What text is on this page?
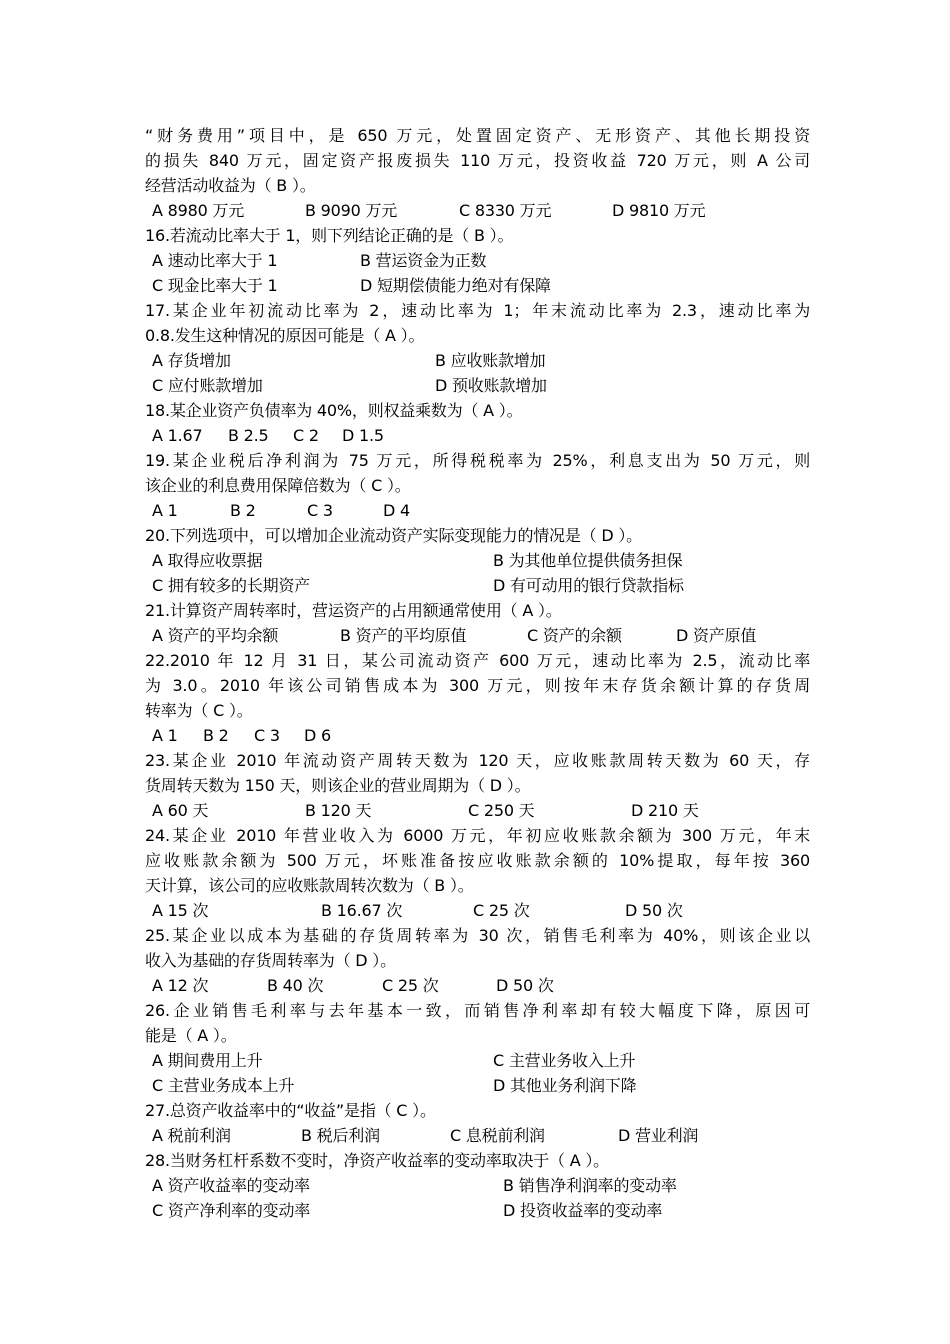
“财务费用”项目中，是 650 万元，处置固定资产、无形资产、其他长期投资
的损失 840 万元，固定资产报废损失 110 万元，投资收益 720 万元，则 A 公司
经营活动收益为（ B ）。
A 8980 万元	B 9090 万元	C 8330 万元	D 9810 万元
16.若流动比率大于 1，则下列结论正确的是（ B ）。
A 速动比率大于 1	B 营运资金为正数
C 现金比率大于 1	D 短期偿债能力绝对有保障
17.某企业年初流动比率为 2，速动比率为 1；年末流动比率为 2.3，速动比率为
0.8.发生这种情况的原因可能是（ A ）。
A 存货增加	B 应收账款增加
C 应付账款增加	D 预收账款增加
18.某企业资产负债率为 40%，则权益乘数为（ A ）。
A 1.67 B 2.5 C 2 D 1.5
19.某企业税后净利润为 75 万元，所得税税率为 25%，利息支出为 50 万元，则
该企业的利息费用保障倍数为（ C ）。
A 1	B 2	C 3	D 4
20.下列选项中，可以增加企业流动资产实际变现能力的情况是（ D ）。
A 取得应收票据	B 为其他单位提供债务担保
C 拥有较多的长期资产	D 有可动用的银行贷款指标
21.计算资产周转率时，营运资产的占用额通常使用（ A ）。
A 资产的平均余额	B 资产的平均原值	C 资产的余额	D 资产原值
22.2010 年 12 月 31 日，某公司流动资产 600 万元，速动比率为 2.5，流动比率
为 3.0。2010 年该公司销售成本为 300 万元，则按年末存货余额计算的存货周
转率为（ C ）。
A 1 B 2 C 3 D 6
23.某企业 2010 年流动资产周转天数为 120 天，应收账款周转天数为 60 天，存
货周转天数为 150 天，则该企业的营业周期为（ D ）。
A 60 天	B 120 天	C 250 天	D 210 天
24.某企业 2010 年营业收入为 6000 万元，年初应收账款余额为 300 万元，年末
应收账款余额为 500 万元，坏账准备按应收账款余额的 10%提取，每年按 360
天计算，该公司的应收账款周转次数为（ B ）。
A 15 次	B 16.67 次	C 25 次	D 50 次
25.某企业以成本为基础的存货周转率为 30 次，销售毛利率为 40%，则该企业以
收入为基础的存货周转率为（ D ）。
A 12 次	B 40 次	C 25 次	D 50 次
26.企业销售毛利率与去年基本一致，而销售净利率却有较大幅度下降，原因可
能是（ A ）。
A 期间费用上升	C 主营业务收入上升
C 主营业务成本上升	D 其他业务利润下降
27.总资产收益率中的“收益”是指（ C ）。
A 税前利润	B 税后利润	C 息税前利润	D 营业利润
28.当财务杠杆系数不变时，净资产收益率的变动率取决于（ A ）。
A 资产收益率的变动率	B 销售净利润率的变动率
C 资产净利率的变动率	D 投资收益率的变动率
